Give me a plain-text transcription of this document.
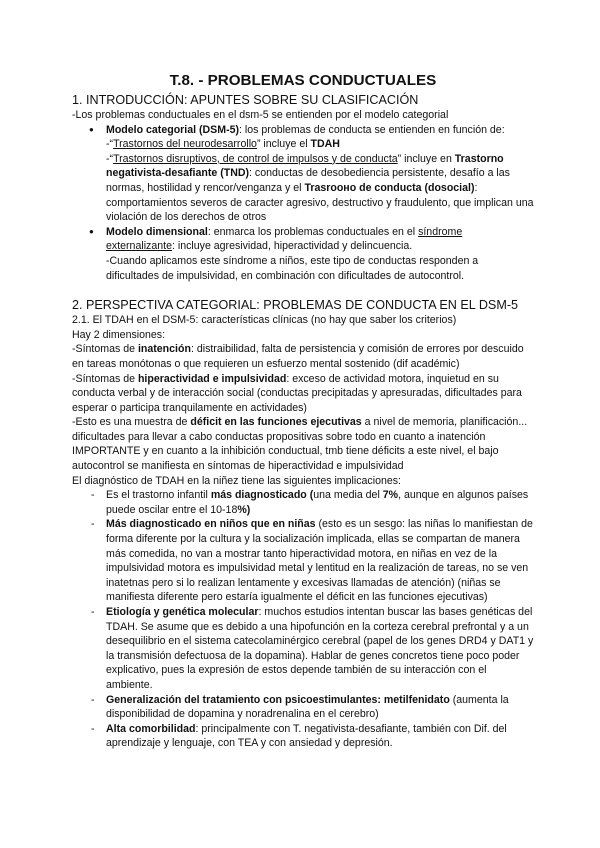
T.8. - PROBLEMAS CONDUCTUALES
1. INTRODUCCIÓN: APUNTES SOBRE SU CLASIFICACIÓN

-Los problemas conductuales en el dsm-5 se entienden por el modelo categorial

● Modelo categorial (DSM-5): los problemas de conducta se entienden en función de:
-“Trastornos del neurodesarrollo” incluye el TDAH
-“Trastornos disruptivos, de control de impulsos y de conducta” incluye en Trastorno negativista-desafiante (TND): conductas de desobediencia persistente, desafío a las normas, hostilidad y rencor/venganza y el Trasrooно de conducta (dosocial): comportamientos severos de caracter agresivo, destructivo y fraudulento, que implican una violación de los derechos de otros
● Modelo dimensional: enmarca los problemas conductuales en el síndrome externalizante: incluye agresividad, hiperactividad y delincuencia.
-Cuando aplicamos este síndrome a niños, este tipo de conductas responden a dificultades de impulsividad, en combinación con dificultades de autocontrol.
2. PERSPECTIVA CATEGORIAL: PROBLEMAS DE CONDUCTA EN EL DSM-5

2.1. El TDAH en el DSM-5: características clínicas (no hay que saber los criterios)

Hay 2 dimensiones:

-Síntomas de inatención: distraibilidad, falta de persistencia y comisión de errores por descuido en tareas monótonas o que requieren un esfuerzo mental sostenido (dif académic)

-Síntomas de hiperactividad e impulsividad: exceso de actividad motora, inquietud en su conducta verbal y de interacción social (conductas precipitadas y apresuradas, dificultades para esperar o participa tranquilamente en actividades)

-Esto es una muestra de déficit en las funciones ejecutivas a nivel de memoria, planificación... dificultades para llevar a cabo conductas propositivas sobre todo en cuanto a inatención IMPORTANTE y en cuanto a la inhibición conductual, tmb tiene déficits a este nivel, el bajo autocontrol se manifiesta en síntomas de hiperactividad e impulsividad

El diagnóstico de TDAH en la niñez tiene las siguientes implicaciones:

- Es el trastorno infantil más diagnosticado (una media del 7%, aunque en algunos países puede oscilar entre el 10-18%)
- Más diagnosticado en niños que en niñas (esto es un sesgo: las niñas lo manifiestan de forma diferente por la cultura y la socialización implicada, ellas se compartan de manera más comedida, no van a mostrar tanto hiperactividad motora, en niñas en vez de la impulsividad motora es impulsividad metal y lentitud en la realización de tareas, no se ven inatetnas pero si lo realizan lentamente y excesivas llamadas de atención) (niñas se manifiesta diferente pero estaría igualmente el déficit en las funciones ejecutivas)
- Etiología y genética molecular: muchos estudios intentan buscar las bases genéticas del TDAH. Se asume que es debido a una hipofunción en la corteza cerebral prefrontal y a un desequilibrio en el sistema catecolaminérgico cerebral (papel de los genes DRD4 y DAT1 y la transmisión defectuosa de la dopamina). Hablar de genes concretos tiene poco poder explicativo, pues la expresión de estos depende también de su interacción con el ambiente.
- Generalización del tratamiento con psicoestimulantes: metilfenidato (aumenta la disponibilidad de dopamina y noradrenalina en el cerebro)
- Alta comorbilidad: principalmente con T. negativista-desafiante, también con Dif. del aprendizaje y lenguaje, con TEA y con ansiedad y depresión.
